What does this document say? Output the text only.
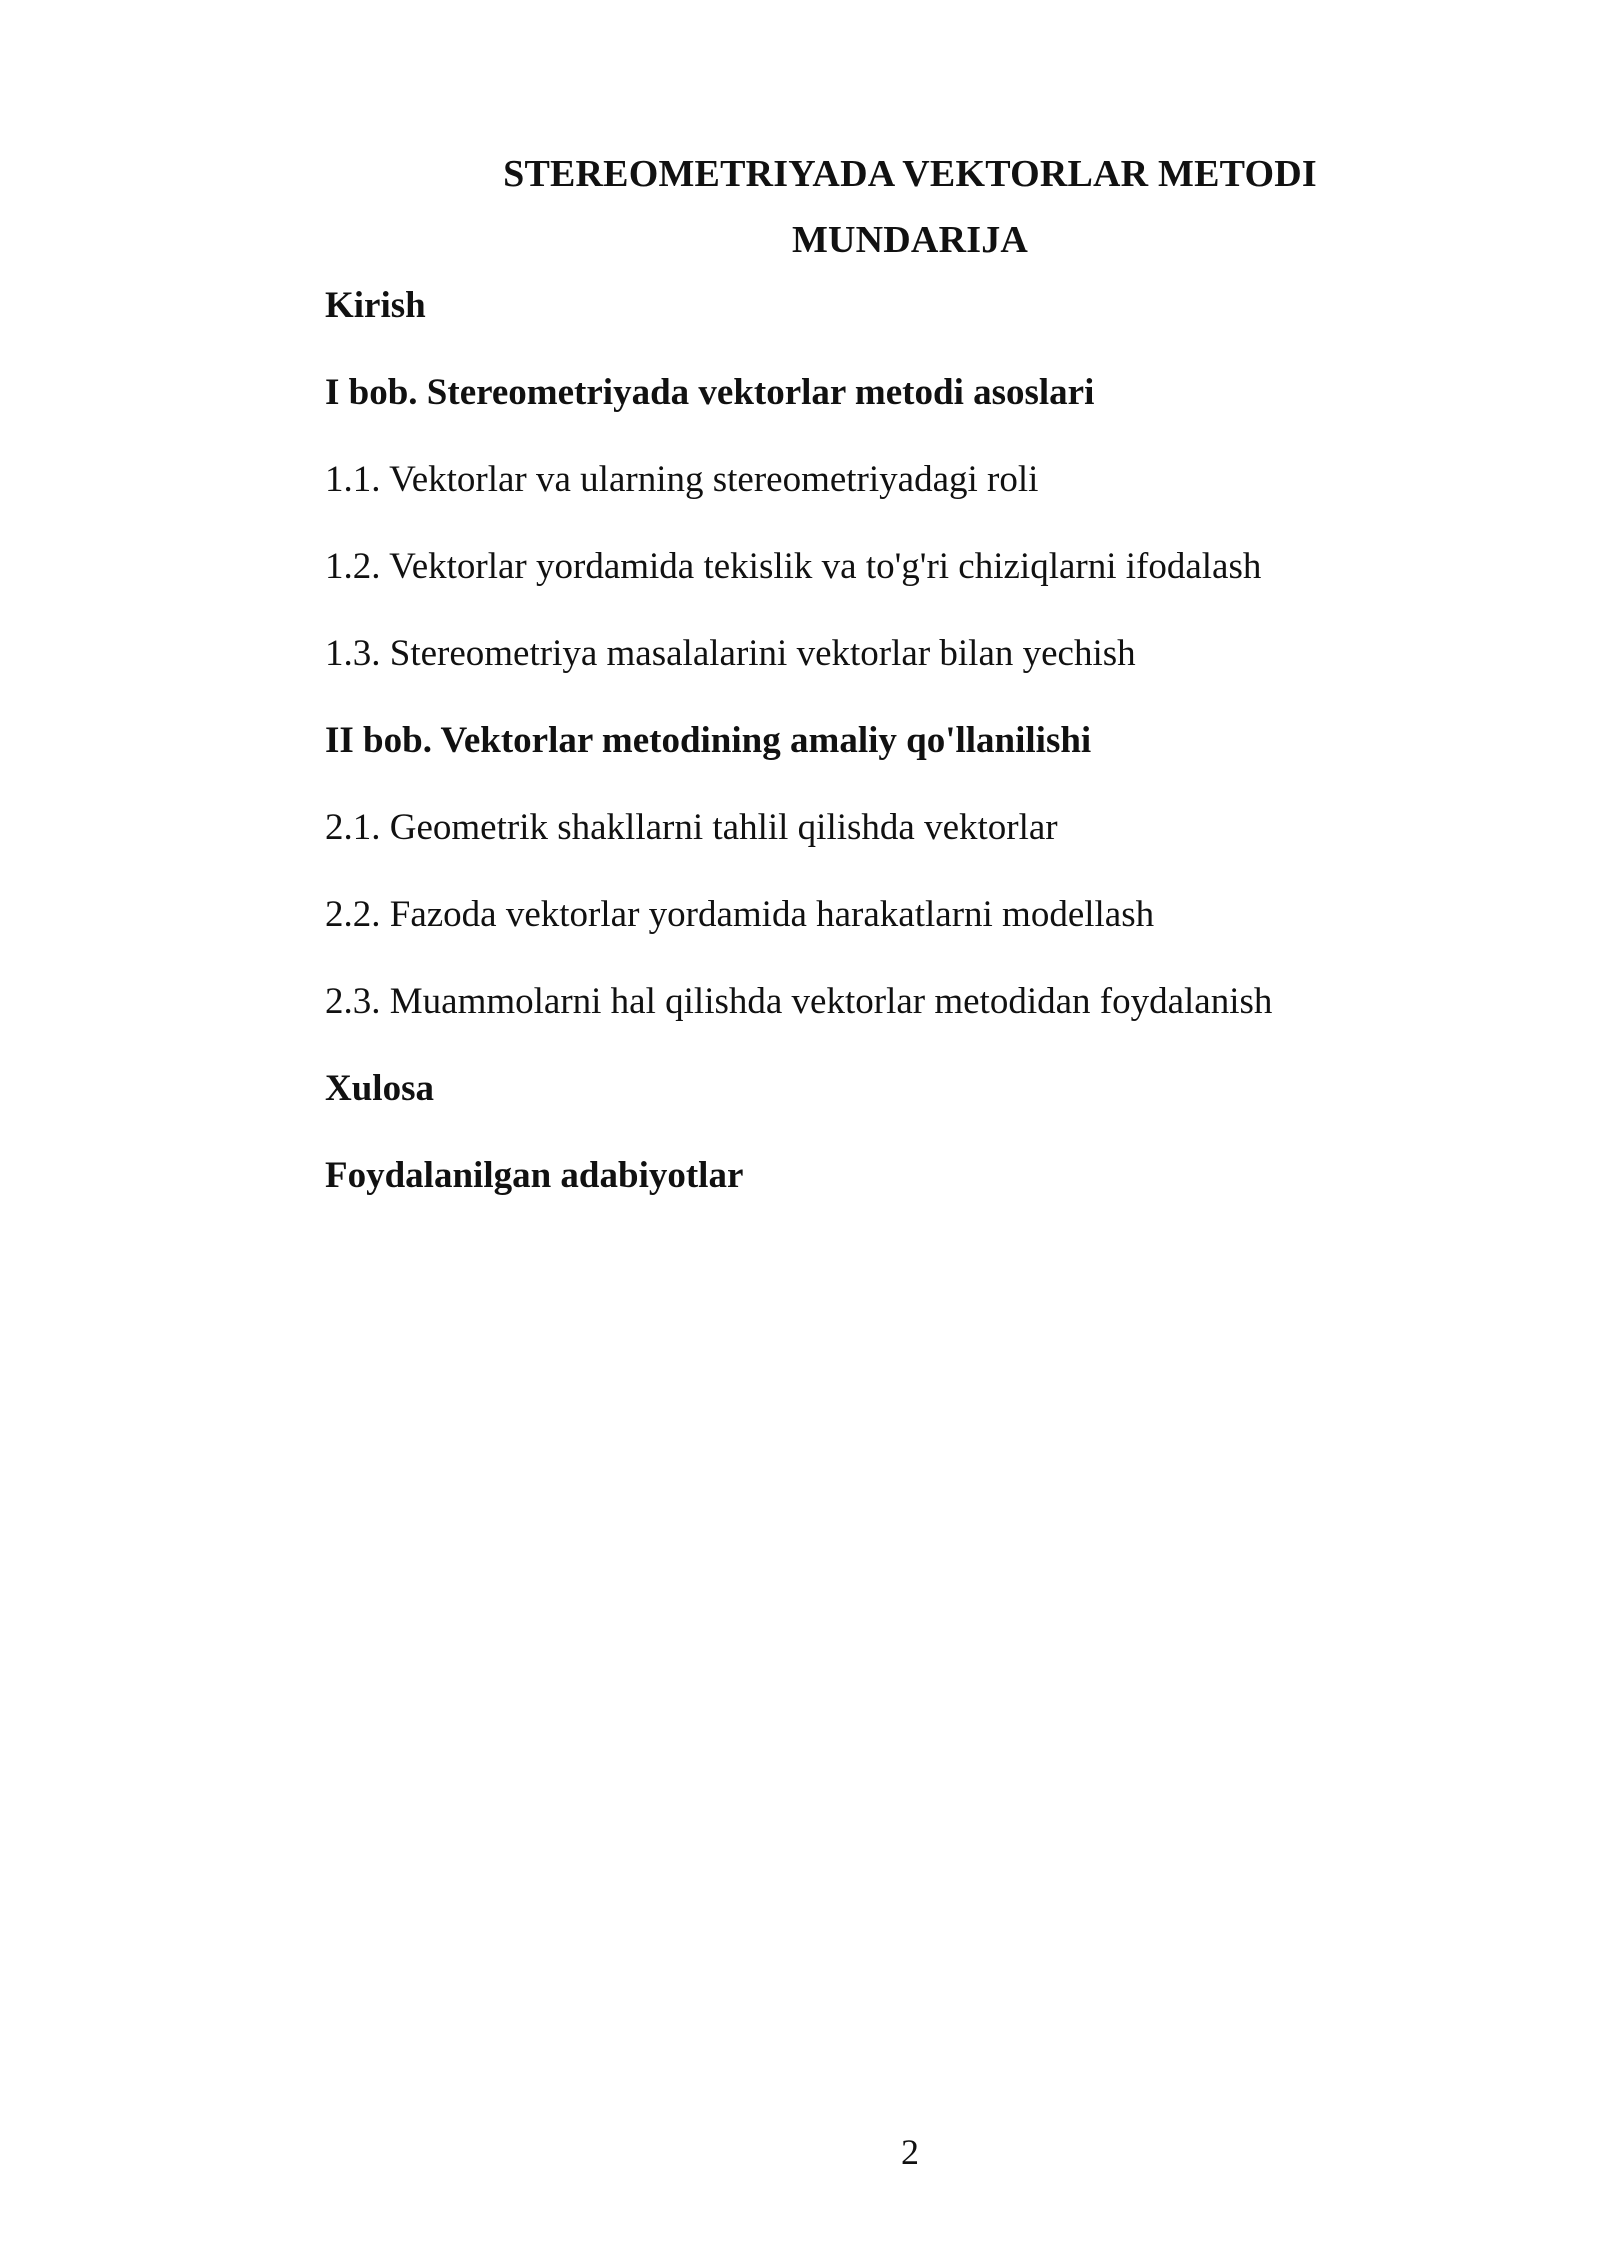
STEREOMETRIYADA VEKTORLAR METODI
MUNDARIJA
Kirish
I bob. Stereometriyada vektorlar metodi asoslari
1.1. Vektorlar va ularning stereometriyadagi roli
1.2. Vektorlar yordamida tekislik va to'g'ri chiziqlarni ifodalash
1.3. Stereometriya masalalarini vektorlar bilan yechish
II bob. Vektorlar metodining amaliy qo'llanilishi
2.1. Geometrik shakllarni tahlil qilishda vektorlar
2.2. Fazoda vektorlar yordamida harakatlarni modellash
2.3. Muammolarni hal qilishda vektorlar metodidan foydalanish
Xulosa
Foydalanilgan adabiyotlar
2
